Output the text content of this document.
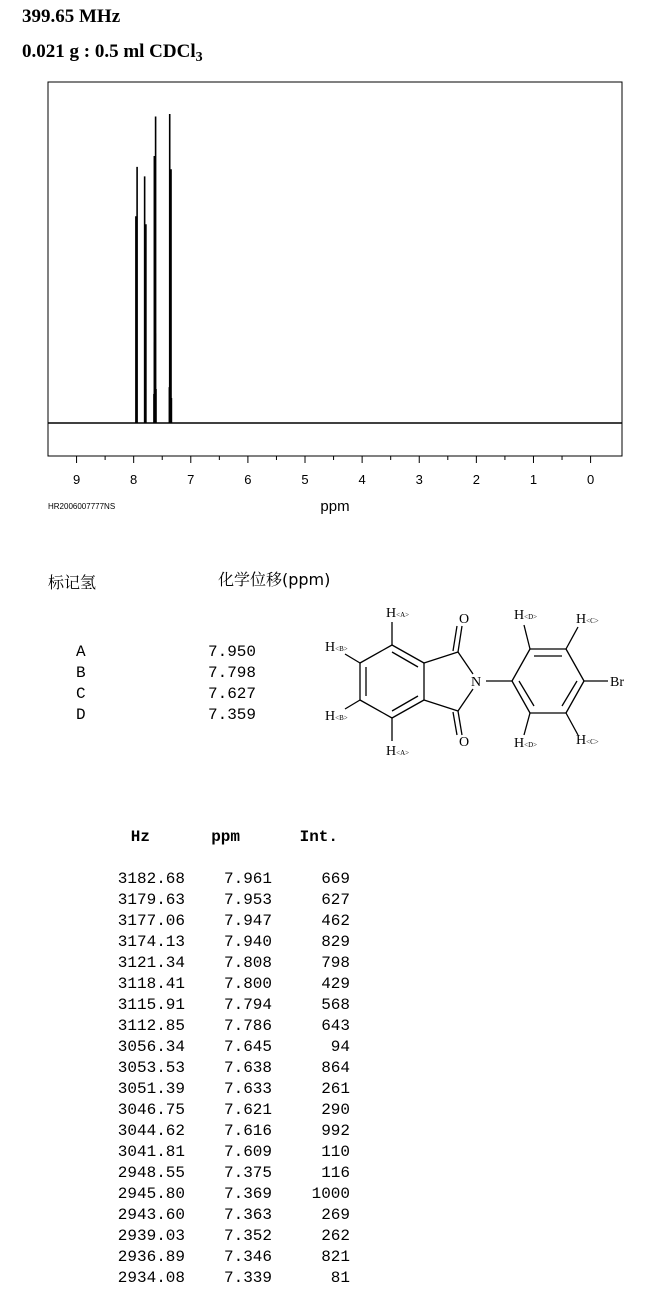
399.65 MHz
0.021 g : 0.5 ml CDCl$_3$
9	8	7	6	5	4	3	2	1	0
HR2006007777NS	ppm
标记氢	化学位移(ppm)
A	7.950
B	7.798
C	7.627
D	7.359
H<A>
H<A>
H<B>
H<B>
H<D>
H<D>
H<C>
H<C>
O
O
N	Br
Hz	ppm	Int.
3182.68 7.961	669
3179.63 7.953	627
3177.06 7.947	462
3174.13 7.940	829
3121.34 7.808	798
3118.41 7.800	429
3115.91 7.794	568
3112.85 7.786	643
3056.34 7.645	94
3053.53 7.638	864
3051.39 7.633	261
3046.75 7.621	290
3044.62 7.616	992
3041.81 7.609	110
2948.55 7.375	116
2945.80 7.369 1000
2943.60 7.363	269
2939.03 7.352	262
2936.89 7.346	821
2934.08 7.339	81
